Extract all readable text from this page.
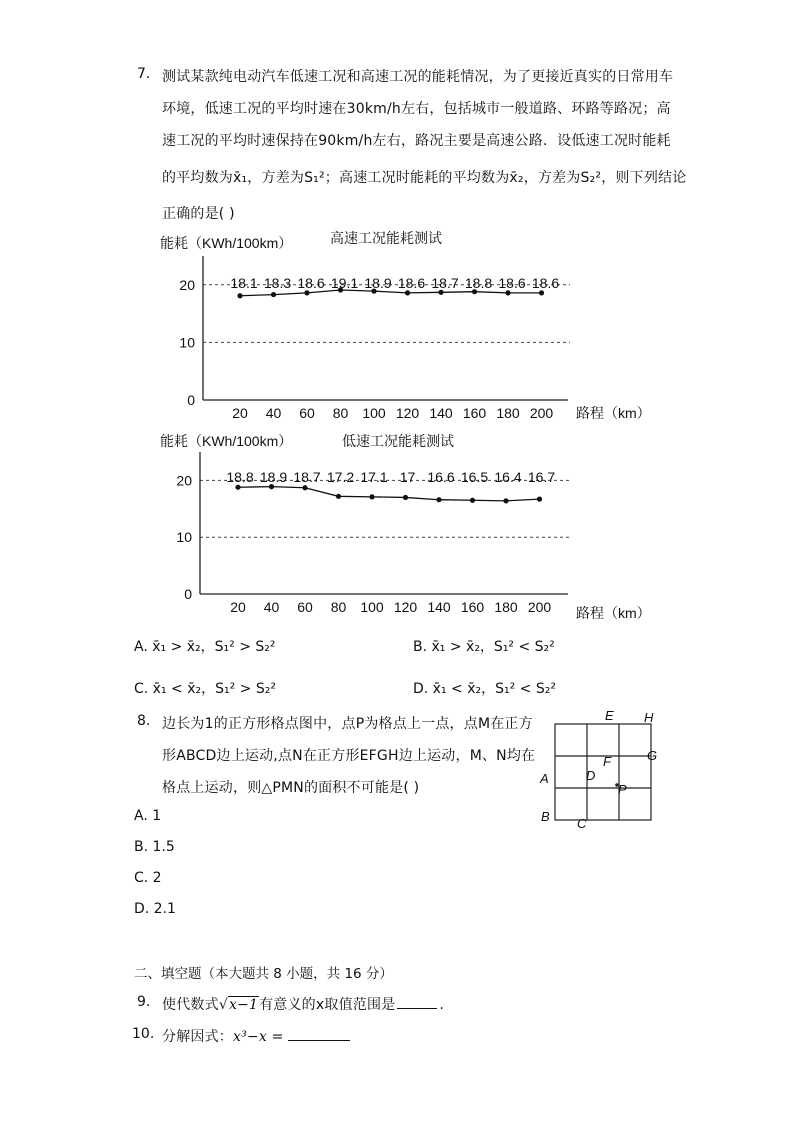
7. 测试某款纯电动汽车低速工况和高速工况的能耗情况，为了更接近真实的日常用车
环境，低速工况的平均时速在30km/h左右，包括城市一般道路、环路等路况；高
速工况的平均时速保持在90km/h左右，路况主要是高速公路．设低速工况时能耗
的平均数为x̄₁，方差为S₁²；高速工况时能耗的平均数为x̄₂，方差为S₂²，则下列结论
正确的是( )
能耗（KWh/100km）	高速工况能耗测试
18.1 18.3 18.6 19.1 18.9 18.6 18.7 18.8 18.6 18.6
0
10
20
20 40 60 80 100 120 140 160 180 200 路程（km）
能耗（KWh/100km）	低速工况能耗测试
18.8 18.9 18.7 17.2 17.1 17 16.6 16.5 16.4 16.7
0
10
20
20 40 60 80 100 120 140 160 180 200 路程（km）
A. x̄₁ > x̄₂，S₁² > S₂²	B. x̄₁ > x̄₂，S₁² < S₂²
C. x̄₁ < x̄₂，S₁² > S₂²	D. x̄₁ < x̄₂，S₁² < S₂²
8. 边长为1的正方形格点图中，点P为格点上一点，点M在正方
形ABCD边上运动,点N在正方形EFGH边上运动，M、N均在
格点上运动，则△PMN的面积不可能是( )
E H
F	G
A	D
P
B C
A. 1
B. 1.5
C. 2
D. 2.1
二、填空题（本大题共 8 小题，共 16 分）
9. 使代数式√x−1有意义的x取值范围是	.
10. 分解因式：x³−x =
